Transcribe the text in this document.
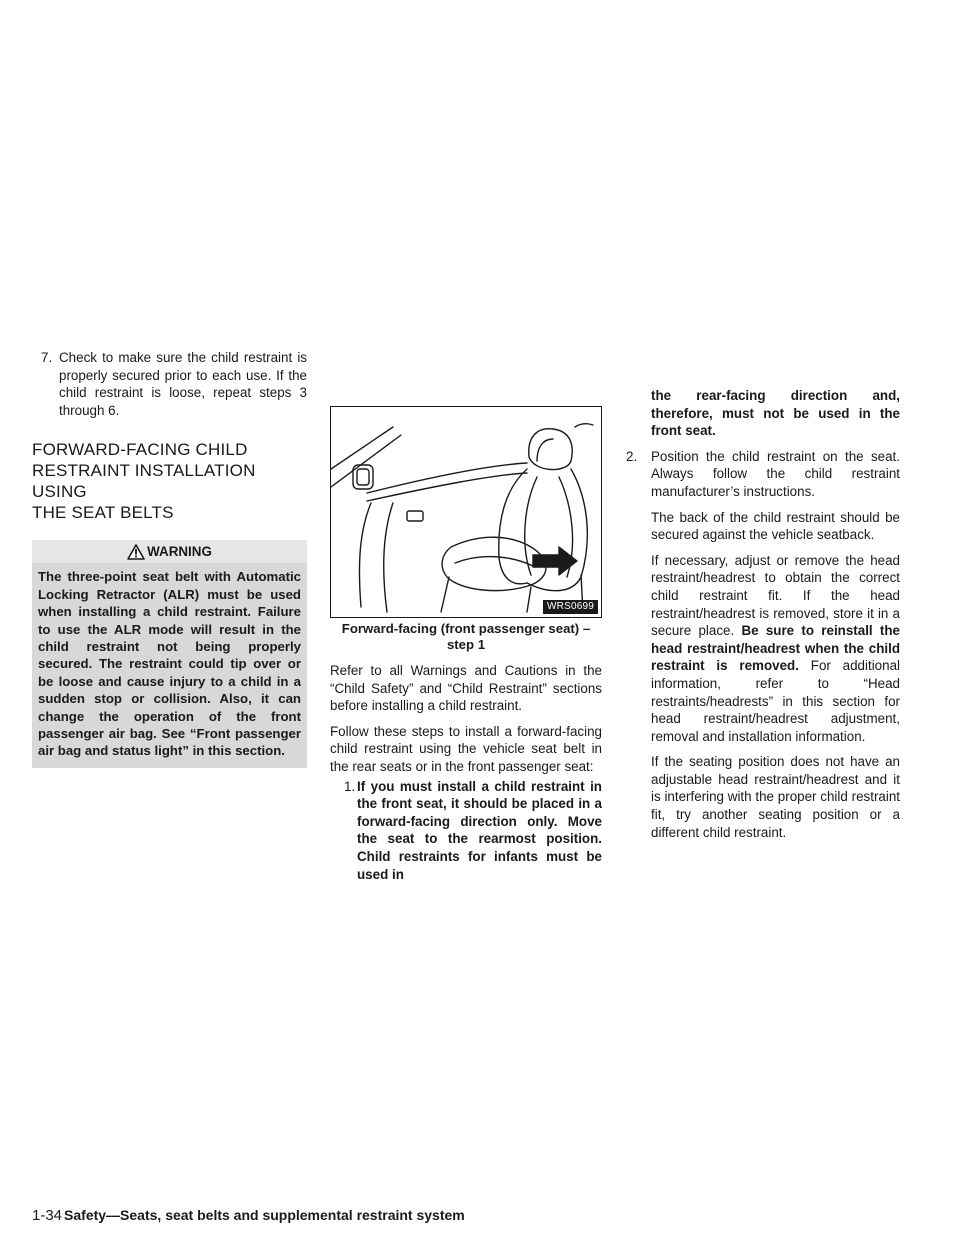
7. Check to make sure the child restraint is properly secured prior to each use. If the child restraint is loose, repeat steps 3 through 6.

FORWARD-FACING CHILD
RESTRAINT INSTALLATION USING
THE SEAT BELTS
WARNING

The three-point seat belt with Automatic Locking Retractor (ALR) must be used when installing a child restraint. Failure to use the ALR mode will result in the child restraint not being properly secured. The restraint could tip over or be loose and cause injury to a child in a sudden stop or collision. Also, it can change the operation of the front passenger air bag. See “Front passenger air bag and status light” in this section.

WRS0699

Forward-facing (front passenger seat) –
step 1

Refer to all Warnings and Cautions in the “Child Safety” and “Child Restraint” sections before installing a child restraint.

Follow these steps to install a forward-facing child restraint using the vehicle seat belt in the rear seats or in the front passenger seat:

1. If you must install a child restraint in the front seat, it should be placed in a forward-facing direction only. Move the seat to the rearmost position. Child restraints for infants must be used in

the rear-facing direction and, therefore, must not be used in the front seat.

2. Position the child restraint on the seat. Always follow the child restraint manufacturer’s instructions.

The back of the child restraint should be secured against the vehicle seatback.

If necessary, adjust or remove the head restraint/headrest to obtain the correct child restraint fit. If the head restraint/headrest is removed, store it in a secure place. Be sure to reinstall the head restraint/headrest when the child restraint is removed. For additional information, refer to “Head restraints/headrests” in this section for head restraint/headrest adjustment, removal and installation information.

If the seating position does not have an adjustable head restraint/headrest and it is interfering with the proper child restraint fit, try another seating position or a different child restraint.

1-34 Safety—Seats, seat belts and supplemental restraint system
